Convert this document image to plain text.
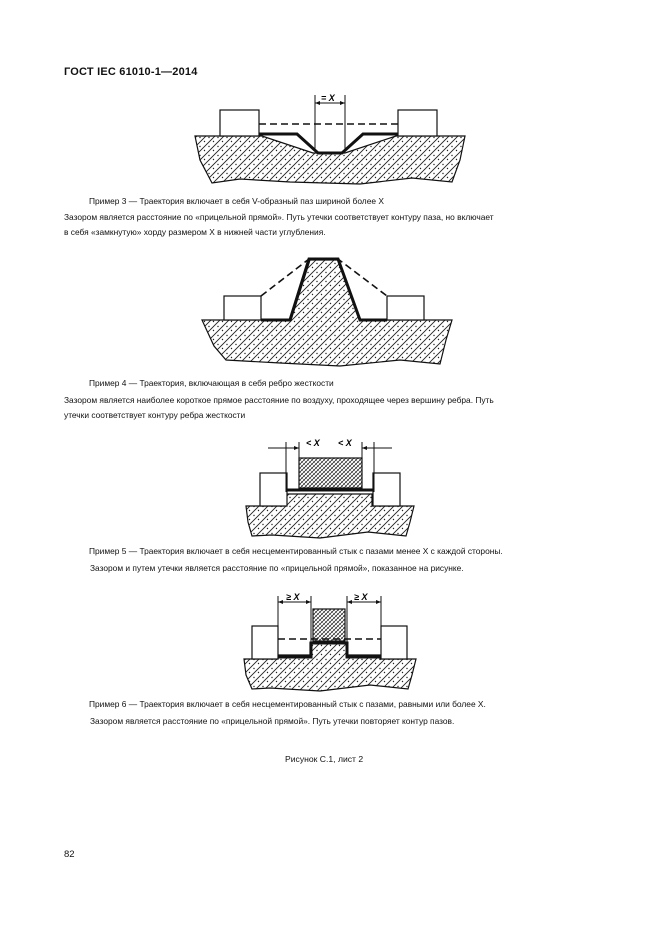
ГОСТ IEC 61010-1—2014
= X
< X < X
≥ X	≥ X
Пример 3 — Траектория включает в себя V-образный паз шириной более X
Зазором является расстояние по «прицельной прямой». Путь утечки соответствует контуру паза, но включает
в себя «замкнутую» хорду размером X в нижней части углубления.
Пример 4 — Траектория, включающая в себя ребро жесткости
Зазором является наиболее короткое прямое расстояние по воздуху, проходящее через вершину ребра. Путь
утечки соответствует контуру ребра жесткости
Пример 5 — Траектория включает в себя несцементированный стык с пазами менее X с каждой стороны.
Зазором и путем утечки является расстояние по «прицельной прямой», показанное на рисунке.
Пример 6 — Траектория включает в себя несцементированный стык с пазами, равными или более X.
Зазором является расстояние по «прицельной прямой». Путь утечки повторяет контур пазов.
Рисунок С.1, лист 2
82
